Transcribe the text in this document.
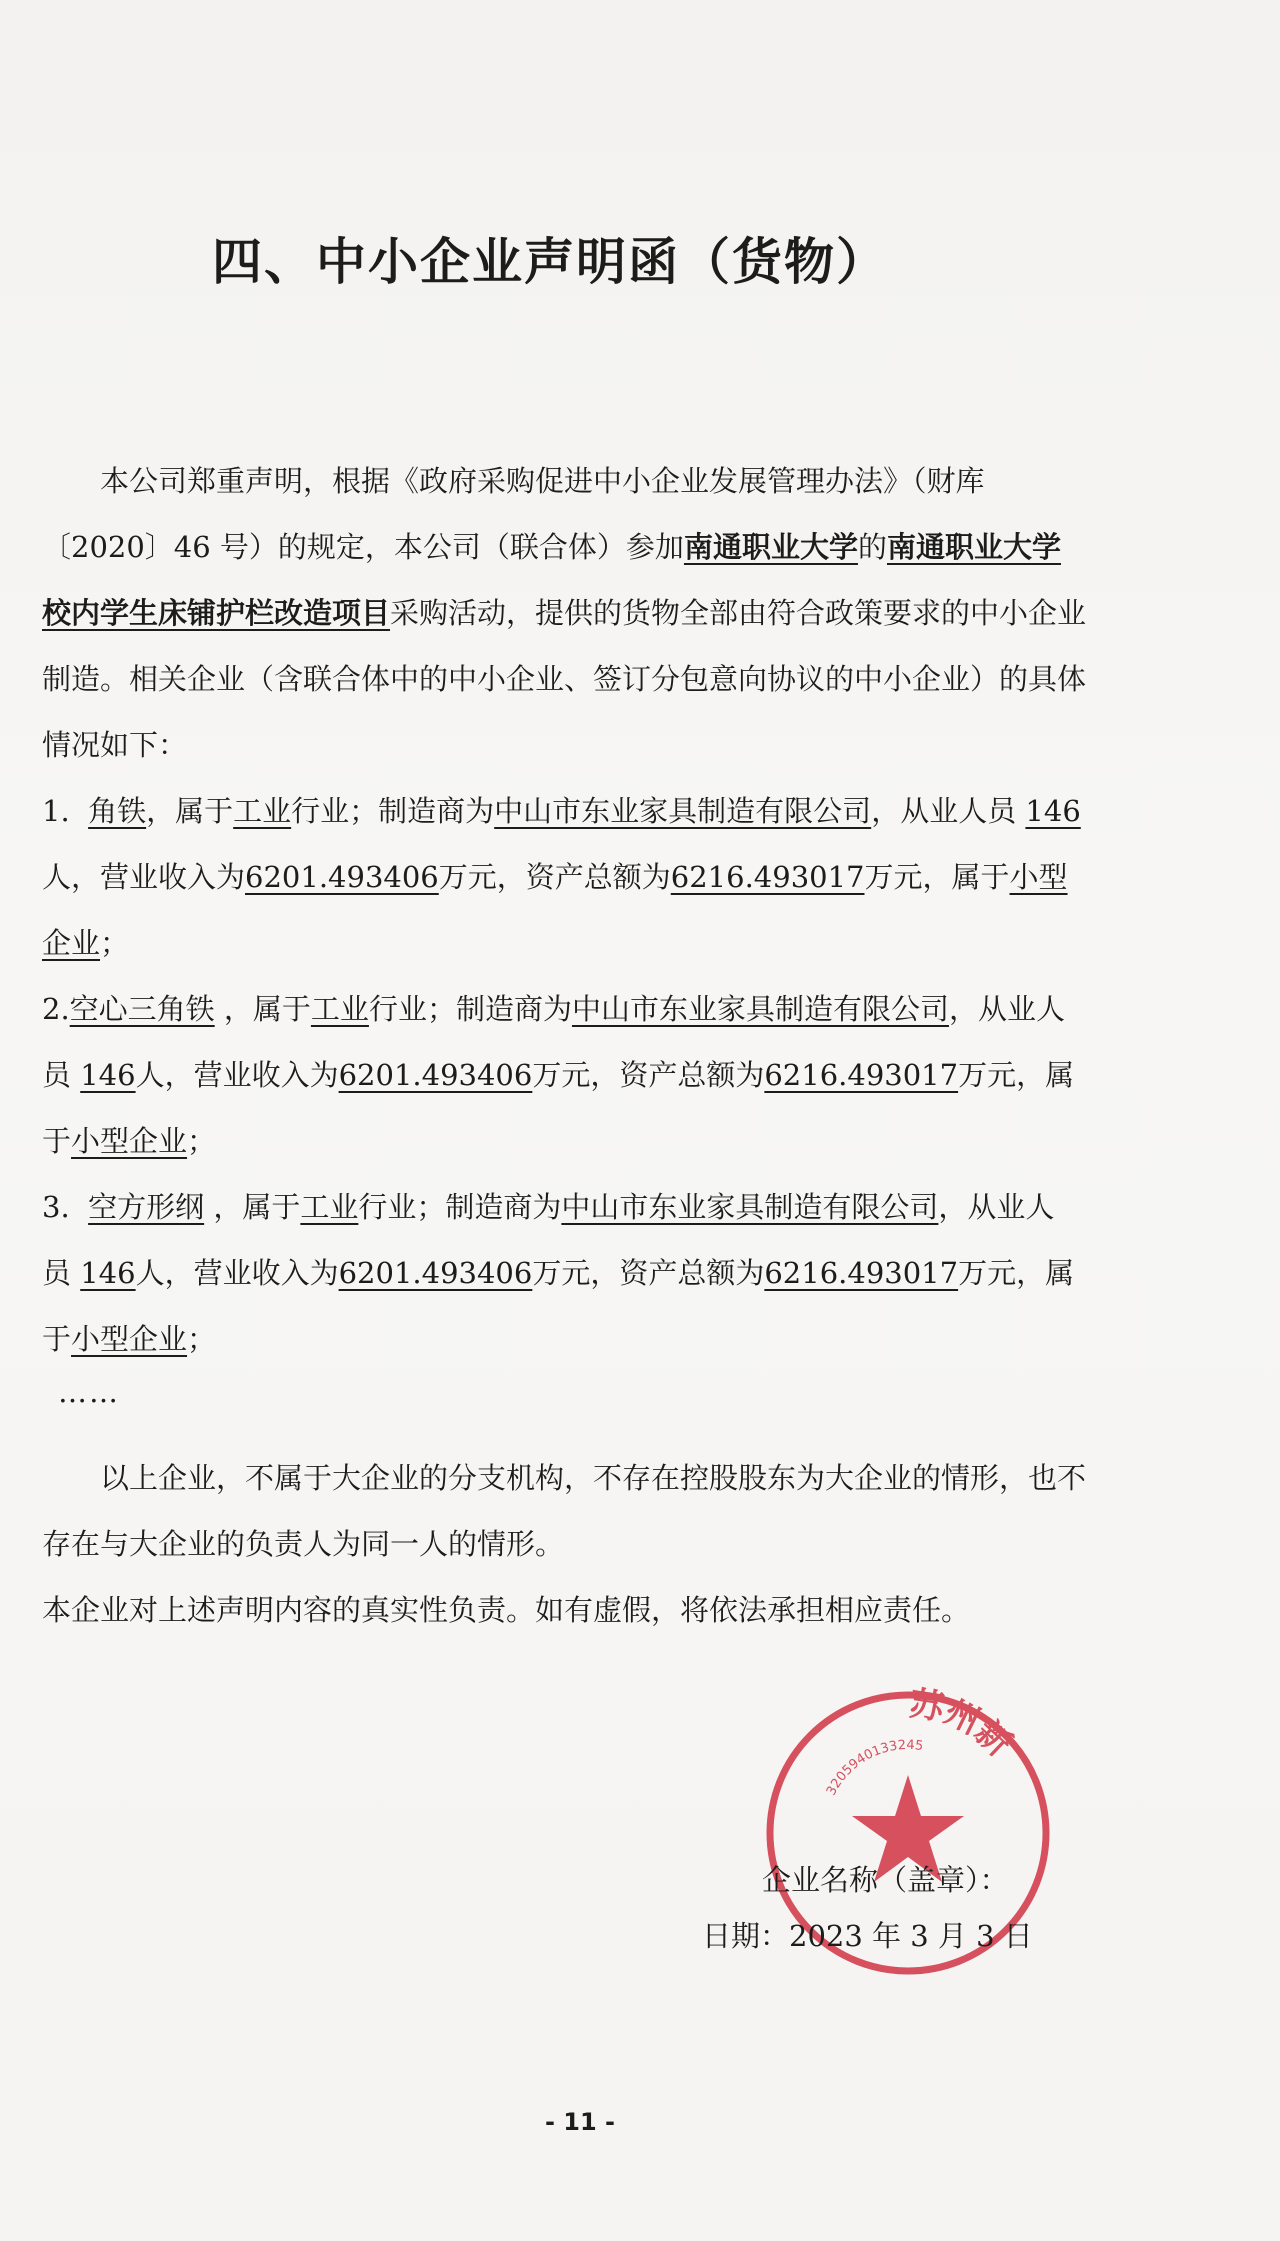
四、中小企业声明函（货物）

本公司郑重声明，根据《政府采购促进中小企业发展管理办法》（财库〔2020〕46 号）的规定，本公司（联合体）参加南通职业大学的南通职业大学校内学生床铺护栏改造项目采购活动，提供的货物全部由符合政策要求的中小企业制造。相关企业（含联合体中的中小企业、签订分包意向协议的中小企业）的具体情况如下：

1. 角铁，属于工业行业；制造商为中山市东业家具制造有限公司，从业人员 146人，营业收入为6201.493406万元，资产总额为6216.493017万元，属于小型企业；

2.空心三角铁 ，属于工业行业；制造商为中山市东业家具制造有限公司，从业人员 146人，营业收入为6201.493406万元，资产总额为6216.493017万元，属于小型企业；

3. 空方形纲 ，属于工业行业；制造商为中山市东业家具制造有限公司，从业人员 146人，营业收入为6201.493406万元，资产总额为6216.493017万元，属于小型企业；

……

以上企业，不属于大企业的分支机构，不存在控股股东为大企业的情形，也不存在与大企业的负责人为同一人的情形。

本企业对上述声明内容的真实性负责。如有虚假，将依法承担相应责任。

3205940133245
苏州新
企业名称（盖章）：
日期：2023 年 3 月 3 日
- 11 -
